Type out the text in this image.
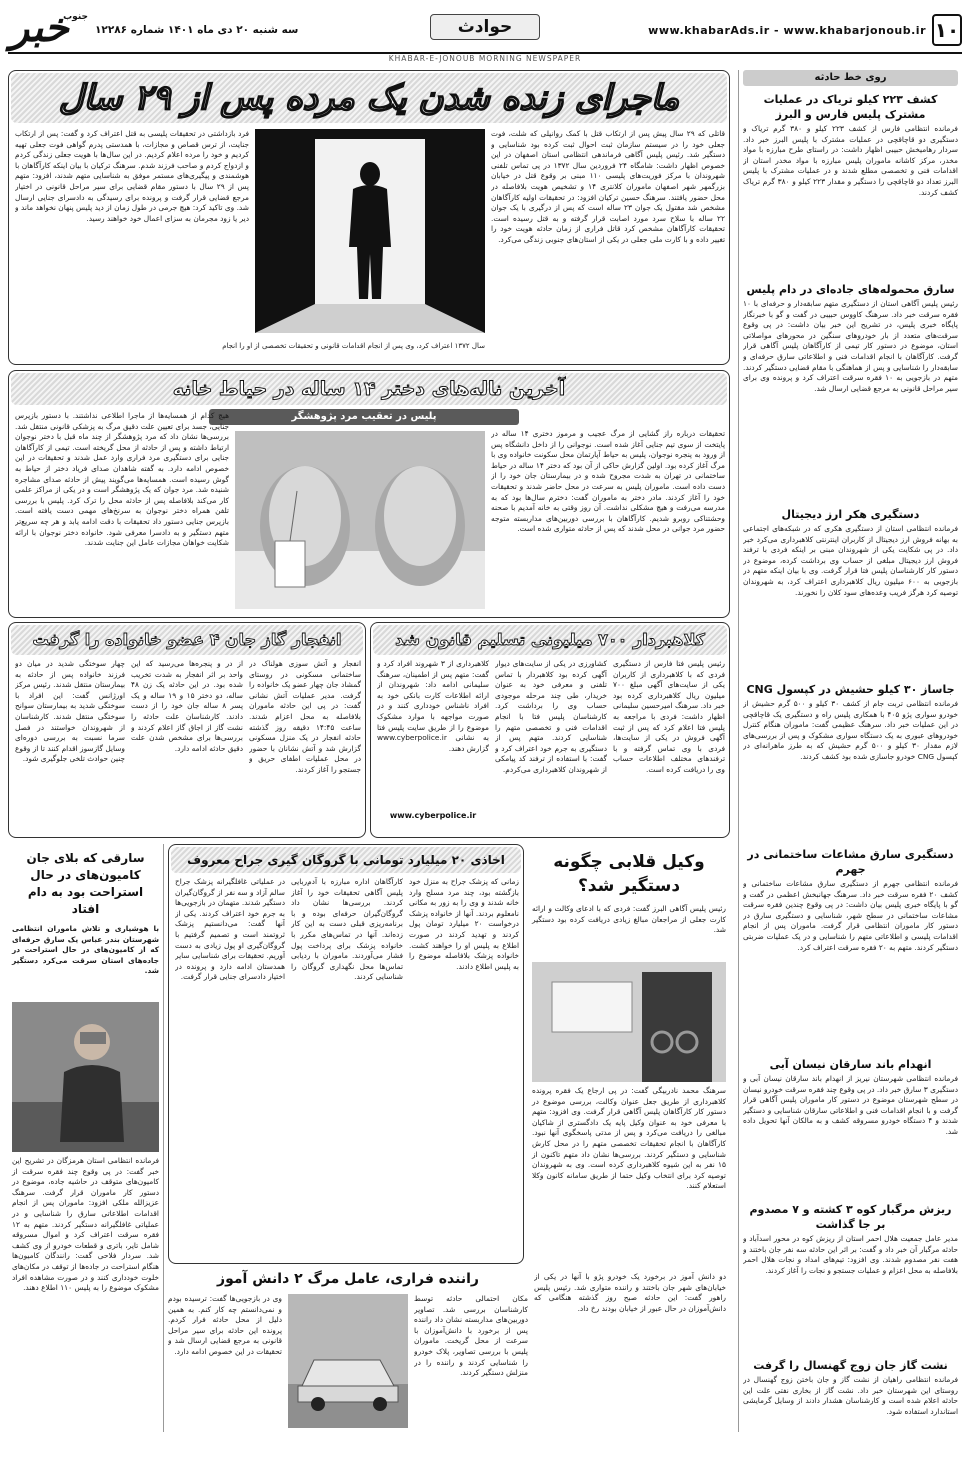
۱۰
www.khabarAds.ir - www.khabarjonoub.ir
حوادث
سه شنبه ۲۰ دی ماه ۱۴۰۱ شماره ۱۲۲۸۶
خبر
جنوب
KHABAR-E-JONOUB MORNING NEWSPAPER
روی خط حادثه
کشف ۲۲۳ کیلو تریاک در عملیات مشترک پلیس فارس و البرز
فرمانده انتظامی فارس از کشف ۲۲۳ کیلو و ۳۸۰ گرم تریاک و دستگیری دو قاچاقچی در عملیات مشترک با پلیس البرز خبر داد. سردار رهامیخش حبیبی اظهار داشت: در راستای طرح مبارزه با مواد مخدر، مرکز کاشانه ماموران پلیس مبارزه با مواد مخدر استان از اقدامات فنی و تخصصی مطلع شدند و در عملیات مشترک با پلیس البرز تعداد دو قاچاقچی را دستگیر و مقدار ۲۲۳ کیلو و ۳۸۰ گرم تریاک کشف کردند.
سارق محموله‌های جاده‌ای در دام پلیس
رئیس پلیس آگاهی استان از دستگیری متهم سابقه‌دار و حرفه‌ای با ۱۰ فقره سرقت خبر داد. سرهنگ کاووس حبیبی در گفت و گو با خبرنگار پایگاه خبری پلیس، در تشریح این خبر بیان داشت: در پی وقوع سرقت‌های متعدد از بار خودروهای سنگین در محورهای مواصلاتی استان، موضوع در دستور کار تیمی از کارآگاهان پلیس آگاهی قرار گرفت. کارآگاهان با انجام اقدامات فنی و اطلاعاتی سارق حرفه‌ای و سابقه‌دار را شناسایی و پس از هماهنگی با مقام قضایی دستگیر کردند. متهم در بازجویی به ۱۰ فقره سرقت اعتراف کرد و پرونده وی برای سیر مراحل قانونی به مرجع قضایی ارسال شد.
دستگیری هکر ارز دیجیتال
فرمانده انتظامی استان از دستگیری هکری که در شبکه‌های اجتماعی به بهانه فروش ارز دیجیتال از کاربران اینترنتی کلاهبرداری می‌کرد خبر داد. در پی شکایت یکی از شهروندان مبنی بر اینکه فردی با ترفند فروش ارز دیجیتال مبلغی از حساب وی برداشت کرده، موضوع در دستور کار کارشناسان پلیس فتا قرار گرفت. وی با بیان اینکه متهم در بازجویی به ۶۰۰ میلیون ریال کلاهبرداری اعتراف کرد، به شهروندان توصیه کرد هرگز فریب وعده‌های سود کلان را نخورند.
جاساز ۳۰ کیلو حشیش در کپسول CNG
فرمانده انتظامی تربت جام از کشف ۳۰ کیلو و ۵۰۰ گرم حشیش از خودرو سواری پژو ۴۰۵ با همکاری پلیس راه و دستگیری یک قاچاقچی در این عملیات خبر داد. سرهنگ عظیمی گفت: ماموران هنگام کنترل خودروهای عبوری به یک دستگاه سواری مشکوک و پس از بررسی‌های لازم مقدار ۳۰ کیلو و ۵۰۰ گرم حشیش که به طرز ماهرانه‌ای در کپسول CNG خودرو جاسازی شده بود کشف کردند.
دستگیری سارق مشاعات ساختمانی در جهرم
فرمانده انتظامی جهرم از دستگیری سارق مشاعات ساختمانی و کشف ۲۰ فقره سرقت خبر داد. سرهنگ جهانبخش اعظمی در گفت و گو با پایگاه خبری پلیس بیان داشت: در پی وقوع چندین فقره سرقت مشاعات ساختمانی در سطح شهر، شناسایی و دستگیری سارق در دستور کار ماموران انتظامی قرار گرفت. ماموران پس از انجام اقدامات پلیسی و اطلاعاتی متهم را شناسایی و در یک عملیات ضربتی دستگیر کردند. متهم به ۲۰ فقره سرقت اعتراف کرد.
انهدام باند سارقان نیسان آبی
فرمانده انتظامی شهرستان نیریز از انهدام باند سارقان نیسان آبی و دستگیری ۳ سارق خبر داد. در پی وقوع چند فقره سرقت خودرو نیسان در سطح شهرستان موضوع در دستور کار ماموران پلیس آگاهی قرار گرفت و با انجام اقدامات فنی و اطلاعاتی سارقان شناسایی و دستگیر شدند و ۴ دستگاه خودرو مسروقه کشف و به مالکان آنها تحویل داده شد.
ریزش مرگبار کوه ۳ کشته و ۷ مصدوم بر جا گذاشت
مدیر عامل جمعیت هلال احمر استان از ریزش کوه در محور اسدآباد و حادثه مرگبار آن خبر داد و گفت: بر اثر این حادثه سه نفر جان باختند و هفت نفر مصدوم شدند. وی افزود: تیم‌های امداد و نجات هلال احمر بلافاصله به محل اعزام و عملیات جستجو و نجات را آغاز کردند.
نشت گاز جان زوج گهنسال را گرفت
فرمانده انتظامی راهیان از نشت گاز و جان باختن زوج گهنسال در روستای این شهرستان خبر داد. نشت گاز از بخاری نفتی علت این حادثه اعلام شده است و کارشناسان هشدار دادند از وسایل گرمایشی استاندارد استفاده شود.
ماجرای زنده شدن یک مرده پس از ۲۹ سال
قاتلی که ۲۹ سال پیش پس از ارتکاب قتل با کمک روانپلی که شلت، فوت جعلی خود را در سیستم سازمان ثبت احوال ثبت کرده بود شناسایی و دستگیر شد. رئیس پلیس آگاهی فرماندهی انتظامی استان اصفهان در این خصوص اظهار داشت: شامگاه ۲۴ فروردین سال ۱۳۷۲ در پی تماس تلفنی شهروندان با مرکز فوریت‌های پلیسی ۱۱۰ مبنی بر وقوع قتل در خیابان بزرگمهر شهر اصفهان ماموران کلانتری ۱۴ و تشخیص هویت بلافاصله در محل حضور یافتند. سرهنگ حسین ترکیان افزود: در تحقیقات اولیه کارآگاهان مشخص شد مقتول یک جوان ۲۳ ساله است که پس از درگیری با یک جوان ۲۲ ساله با سلاح سرد مورد اصابت قرار گرفته و به قتل رسیده است. تحقیقات کارآگاهان مشخص کرد قاتل فراری از زمان حادثه هویت خود را تغییر داده و با کارت ملی جعلی در یکی از استان‌های جنوبی زندگی می‌کرد.
فرد بازداشتی در تحقیقات پلیسی به قتل اعتراف کرد و گفت: پس از ارتکاب جنایت، از ترس قصاص و مجازات، با همدستی پدرم گواهی فوت جعلی تهیه کردیم و خود را مرده اعلام کردیم. در این سال‌ها با هویت جعلی زندگی کردم و ازدواج کردم و صاحب فرزند شدم. سرهنگ ترکیان با بیان اینکه کارآگاهان با هوشمندی و پیگیری‌های مستمر موفق به شناسایی متهم شدند، افزود: متهم پس از ۲۹ سال با دستور مقام قضایی برای سیر مراحل قانونی در اختیار مرجع قضایی قرار گرفت و پرونده برای رسیدگی به دادسرای جنایی ارسال شد. وی تاکید کرد: هیچ جرمی در طول زمان از دید پلیس پنهان نخواهد ماند و دیر یا زود مجرمان به سزای اعمال خود خواهند رسید.
سال ۱۳۷۲ اعتراف کرد، وی پس از انجام اقدامات قانونی و تحقیقات تخصصی از او را انجام
آخرین ناله‌های دختر ۱۴ ساله در حیاط خانه
پلیس در تعقیب مرد پژوهشگر
تحقیقات درباره راز گشایی از مرگ عجیب و مرموز دختری ۱۴ ساله در پایتخت از سوی تیم جنایی آغاز شده است. نوجوانی را از داخل دانشگاه پس از ورود به پنجره نوجوان، پلیس به حیاط آپارتمان محل سکونت خانواده وی با مرگ آغاز کرده بود. اولین گزارش حاکی از آن بود که دختر ۱۴ ساله در حیاط ساختمانی در تهران به شدت مجروح شده و در بیمارستان جان خود را از دست داده است. ماموران پلیس به سرعت در محل حاضر شدند و تحقیقات خود را آغاز کردند. مادر دختر به ماموران گفت: دخترم سال‌ها بود که به مدرسه می‌رفت و هیچ مشکلی نداشت. آن روز وقتی به خانه آمدیم با صحنه وحشتناکی روبرو شدیم. کارآگاهان با بررسی دوربین‌های مداربسته متوجه حضور مرد جوانی در محل شدند که پس از حادثه متواری شده است.
هیچ کدام از همسایه‌ها از ماجرا اطلاعی نداشتند. با دستور بازپرس جنایی، جسد برای تعیین علت دقیق مرگ به پزشکی قانونی منتقل شد. بررسی‌ها نشان داد که مرد پژوهشگر از چند ماه قبل با دختر نوجوان ارتباط داشته و پس از حادثه از محل گریخته است. تیمی از کارآگاهان جنایی برای دستگیری مرد فراری وارد عمل شدند و تحقیقات در این خصوص ادامه دارد. به گفته شاهدان صدای فریاد دختر از حیاط به گوش رسیده است. همسایه‌ها می‌گویند پیش از حادثه صدای مشاجره شنیده شد. مرد جوان که یک پژوهشگر است و در یکی از مراکز علمی کار می‌کند بلافاصله پس از حادثه محل را ترک کرد. پلیس با بررسی تلفن همراه دختر نوجوان به سرنخ‌های مهمی دست یافته است. بازپرس جنایی دستور داد تحقیقات با دقت ادامه یابد و هر چه سریع‌تر متهم دستگیر و به دادسرا معرفی شود. خانواده دختر نوجوان با ارائه شکایت خواهان مجازات عامل این جنایت شدند.
کلاهبردار ۷۰۰ میلیونی تسلیم قانون شد
رئیس پلیس فتا فارس از دستگیری فردی که با کلاهبرداری از کاربران یکی از سایت‌های آگهی مبلغ ۷۰۰ میلیون ریال کلاهبرداری کرده بود خبر داد. سرهنگ امیرحسین سلیمانی اظهار داشت: فردی با مراجعه به پلیس فتا اعلام کرد که پس از ثبت آگهی فروش در یکی از سایت‌ها، فردی با وی تماس گرفته و با ترفندهای مختلف اطلاعات حساب وی را دریافت کرده است.
کشاورزی در یکی از سایت‌های دیوار آگهی کرده بود کلاهبردار با تماس تلفنی و معرفی خود به عنوان خریدار، طی چند مرحله موجودی حساب وی را برداشت کرد. کارشناسان پلیس فتا با انجام اقدامات فنی و تخصصی متهم را شناسایی کردند. متهم پس از دستگیری به جرم خود اعتراف کرد و گفت: با استفاده از ترفند کد پیامکی از شهروندان کلاهبرداری می‌کردم.
کلاهبرداری از ۳ شهروند افراد کرد و گفت: متهم پس از اطمینان، سرهنگ سلیمانی ادامه داد: شهروندان از ارائه اطلاعات کارت بانکی خود به افراد ناشناس خودداری کنند و در صورت مواجهه با موارد مشکوک موضوع را از طریق سایت پلیس فتا به نشانی www.cyberpolice.ir گزارش دهند.
www.cyberpolice.ir
انفجار گاز جان ۴ عضو خانواده را گرفت
انفجار و آتش سوزی هولناک در ساختمانی مسکونی در روستای گمشاد جان چهار عضو یک خانواده را گرفت. مدیر عملیات آتش نشانی گفت: در پی این حادثه ماموران بلافاصله به محل اعزام شدند. ساعت ۱۴:۴۵ دقیقه روز گذشته حادثه انفجار در یک منزل مسکونی گزارش شد و آتش نشانان با حضور در محل عملیات اطفای حریق و جستجو را آغاز کردند.
از در و پنجره‌ها می‌رسید که این واحد بر اثر انفجار به شدت تخریب شده بود. در این حادثه یک زن ۴۸ ساله، دو دختر ۱۵ و ۱۹ ساله و یک پسر ۸ ساله جان خود را از دست دادند. کارشناسان علت حادثه را نشت گاز از اجاق گاز اعلام کردند و بررسی‌ها برای مشخص شدن علت دقیق حادثه ادامه دارد.
چهار سوختگی شدید در میان دو فرزند خانواده پس از حادثه به بیمارستان منتقل شدند. رئیس مرکز اورژانس گفت: این افراد با سوختگی شدید به بیمارستان سوانح سوختگی منتقل شدند. کارشناسان از شهروندان خواستند در فصل سرما نسبت به بررسی دوره‌ای وسایل گازسوز اقدام کنند تا از وقوع چنین حوادث تلخی جلوگیری شود.
وکیل قلابی چگونه دستگیر شد؟
رئیس پلیس آگاهی البرز گفت: فردی که با ادعای وکالت و ارائه کارت جعلی از مراجعان مبالغ زیادی دریافت کرده بود دستگیر شد.
سرهنگ محمد نادربیگی گفت: در پی ارجاع یک فقره پرونده کلاهبرداری از طریق جعل عنوان وکالت، بررسی موضوع در دستور کار کارآگاهان پلیس آگاهی قرار گرفت. وی افزود: متهم با معرفی خود به عنوان وکیل پایه یک دادگستری از شاکیان مبالغی را دریافت می‌کرد و پس از مدتی پاسخگوی آنها نبود. کارآگاهان با انجام تحقیقات تخصصی متهم را در محل کارش شناسایی و دستگیر کردند. بررسی‌ها نشان داد متهم تاکنون از ۱۵ نفر به این شیوه کلاهبرداری کرده است. وی به شهروندان توصیه کرد برای انتخاب وکیل حتما از طریق سامانه کانون وکلا استعلام کنند.
اخاذی ۲۰ میلیارد تومانی با گروگان گیری جراح معروف
زمانی که پزشک جراح به منزل خود بازگشته بود، چند مرد مسلح وارد خانه شدند و وی را به زور به مکانی نامعلوم بردند. آنها از خانواده پزشک درخواست ۲۰ میلیارد تومان پول کردند و تهدید کردند در صورت اطلاع به پلیس او را خواهند کشت. خانواده پزشک بلافاصله موضوع را به پلیس اطلاع دادند.
کارآگاهان اداره مبارزه با آدم‌ربایی پلیس آگاهی تحقیقات خود را آغاز کردند. بررسی‌ها نشان داد گروگان‌گیران حرفه‌ای بوده و با برنامه‌ریزی قبلی دست به این کار زده‌اند. آنها در تماس‌های مکرر با خانواده پزشک برای پرداخت پول فشار می‌آوردند. ماموران با ردیابی تماس‌ها محل نگهداری گروگان را شناسایی کردند.
در عملیاتی غافلگیرانه پزشک جراح سالم آزاد و سه نفر از گروگان‌گیران دستگیر شدند. متهمان در بازجویی‌ها به جرم خود اعتراف کردند. یکی از آنها گفت: می‌دانستیم پزشک ثروتمند است و تصمیم گرفتیم با گروگان‌گیری او پول زیادی به دست آوریم. تحقیقات برای شناسایی سایر همدستان ادامه دارد و پرونده در اختیار دادسرای جنایی قرار گرفت.
سارقی که بلای جان کامیون‌های در حال استراحت بود به دام افتاد
با هوشیاری و تلاش ماموران انتظامی شهرستان بندر عباس یک سارق حرفه‌ای که از کامیون‌های در حال استراحت در جاده‌های استان سرقت می‌کرد دستگیر شد.
فرمانده انتظامی استان هرمزگان در تشریح این خبر گفت: در پی وقوع چند فقره سرقت از کامیون‌های متوقف در حاشیه جاده، موضوع در دستور کار ماموران قرار گرفت. سرهنگ عزیزالله ملکی افزود: ماموران پس از انجام اقدامات اطلاعاتی سارق را شناسایی و در عملیاتی غافلگیرانه دستگیر کردند. متهم به ۱۲ فقره سرقت اعتراف کرد و اموال مسروقه شامل تایر، باتری و قطعات خودرو از وی کشف شد. سردار فلاحی گفت: رانندگان کامیون‌ها هنگام استراحت در جاده‌ها از توقف در مکان‌های خلوت خودداری کنند و در صورت مشاهده افراد مشکوک موضوع را به پلیس ۱۱۰ اطلاع دهند.
راننده فراری، عامل مرگ ۲ دانش آموز	دو دانش آموز در برخورد یک خودرو پژو با آنها در یکی از خیابان‌های شهر جان باختند و راننده متواری شد. رئیس پلیس راهور گفت: این حادثه صبح روز گذشته هنگامی که دانش‌آموزان در حال عبور از خیابان بودند رخ داد.
مکان احتمالی حادثه توسط کارشناسان بررسی شد. تصاویر دوربین‌های مداربسته نشان داد راننده پس از برخورد با دانش‌آموزان با سرعت از محل گریخت. ماموران پلیس با بررسی تصاویر، پلاک خودرو را شناسایی کردند و راننده را در منزلش دستگیر کردند.
وی در بازجویی‌ها گفت: ترسیده بودم و نمی‌دانستم چه کار کنم. به همین دلیل از محل حادثه فرار کردم. پرونده این حادثه برای سیر مراحل قانونی به مرجع قضایی ارسال شد و تحقیقات در این خصوص ادامه دارد.
